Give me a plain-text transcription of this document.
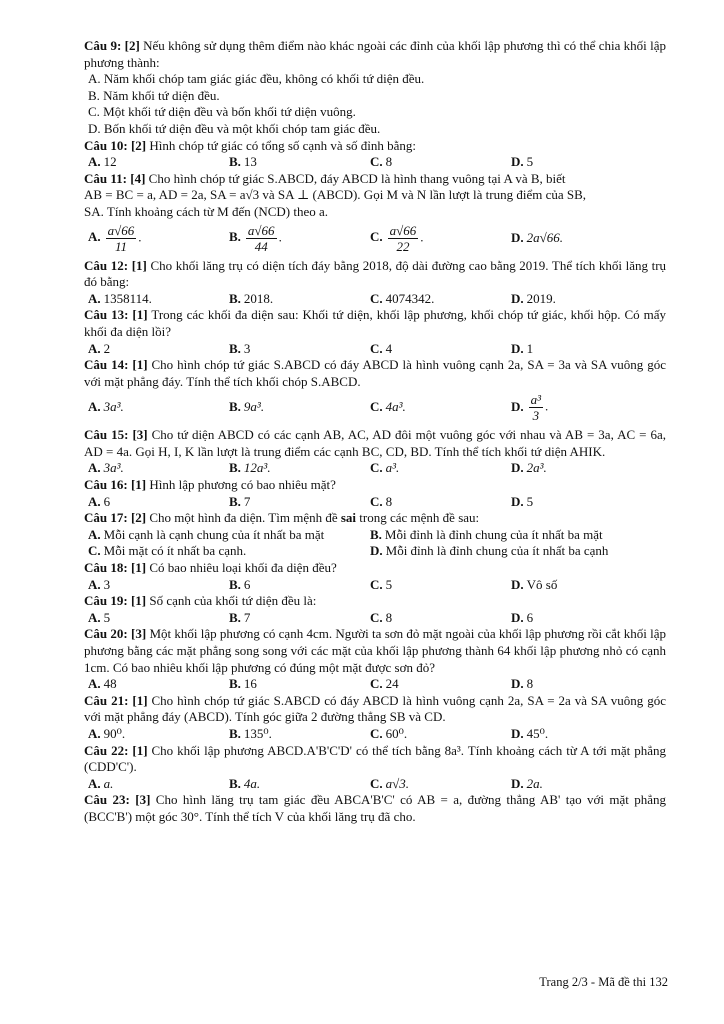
Câu 9: [2] Nếu không sử dụng thêm điểm nào khác ngoài các đỉnh của khối lập phương thì có thể chia khối lập phương thành:

A. Năm khối chóp tam giác giác đều, không có khối tứ diện đều.
B. Năm khối tứ diện đều.
C. Một khối tứ diện đều và bốn khối tứ diện vuông.
D. Bốn khối tứ diện đều và một khối chóp tam giác đều.

Câu 10: [2] Hình chóp tứ giác có tổng số cạnh và số đỉnh bằng:

A. 12	B. 13	C. 8	D. 5

Câu 11: [4] Cho hình chóp tứ giác S.ABCD, đáy ABCD là hình thang vuông tại A và B, biết

AB = BC = a, AD = 2a, SA = a√3 và SA ⊥ (ABCD). Gọi M và N lần lượt là trung điểm của SB,

SA. Tính khoảng cách từ M đến (NCD) theo a.

A. $\frac{a√66}{11}$ .	B. $\frac{a√66}{44}$ .	C. $\frac{a√66}{22}$ .	D. 2a√66.

Câu 12: [1] Cho khối lăng trụ có diện tích đáy bằng 2018, độ dài đường cao bằng 2019. Thể tích khối lăng trụ đó bằng:

A. 1358114.	B. 2018.	C. 4074342.	D. 2019.

Câu 13: [1] Trong các khối đa diện sau: Khối tứ diện, khối lập phương, khối chóp tứ giác, khối hộp. Có mấy khối đa diện lồi?

A. 2	B. 3	C. 4	D. 1

Câu 14: [1] Cho hình chóp tứ giác S.ABCD có đáy ABCD là hình vuông cạnh 2a, SA = 3a và SA vuông góc với mặt phẳng đáy. Tính thể tích khối chóp S.ABCD.

A. 3a³.	B. 9a³.	C. 4a³.	D. $\frac{\text{a³}}{3}$ .

Câu 15: [3] Cho tứ diện ABCD có các cạnh AB, AC, AD đôi một vuông góc với nhau và AB = 3a, AC = 6a, AD = 4a. Gọi H, I, K lần lượt là trung điểm các cạnh BC, CD, BD. Tính thể tích khối tứ diện AHIK.

A. 3a³.	B. 12a³.	C. a³.	D. 2a³.

Câu 16: [1] Hình lập phương có bao nhiêu mặt?

A. 6	B. 7	C. 8	D. 5

Câu 17: [2] Cho một hình đa diện. Tìm mệnh đề sai trong các mệnh đề sau:

A. Mỗi cạnh là cạnh chung của ít nhất ba mặt	B. Mỗi đỉnh là đỉnh chung của ít nhất ba mặt
C. Mỗi mặt có ít nhất ba cạnh.	D. Mỗi đỉnh là đỉnh chung của ít nhất ba cạnh

Câu 18: [1] Có bao nhiêu loại khối đa diện đều?

A. 3	B. 6	C. 5	D. Vô số

Câu 19: [1] Số cạnh của khối tứ diện đều là:

A. 5	B. 7	C. 8	D. 6

Câu 20: [3] Một khối lập phương có cạnh 4cm. Người ta sơn đỏ mặt ngoài của khối lập phương rồi cắt khối lập phương bằng các mặt phẳng song song với các mặt của khối lập phương thành 64 khối lập phương nhỏ có cạnh 1cm. Có bao nhiêu khối lập phương có đúng một mặt được sơn đỏ?

A. 48	B. 16	C. 24	D. 8

Câu 21: [1] Cho hình chóp tứ giác S.ABCD có đáy ABCD là hình vuông cạnh 2a, SA = 2a và SA vuông góc với mặt phẳng đáy (ABCD). Tính góc giữa 2 đường thẳng SB và CD.

A. 90⁰.	B. 135⁰.	C. 60⁰.	D. 45⁰.

Câu 22: [1] Cho khối lập phương ABCD.A'B'C'D' có thể tích bằng 8a³. Tính khoảng cách từ A tới mặt phẳng (CDD'C').

A. a.	B. 4a.	C. a√3.	D. 2a.

Câu 23: [3] Cho hình lăng trụ tam giác đều ABCA'B'C' có AB = a, đường thẳng AB' tạo với mặt phẳng (BCC'B') một góc 30°. Tính thể tích V của khối lăng trụ đã cho.

Trang 2/3 - Mã đề thi 132
